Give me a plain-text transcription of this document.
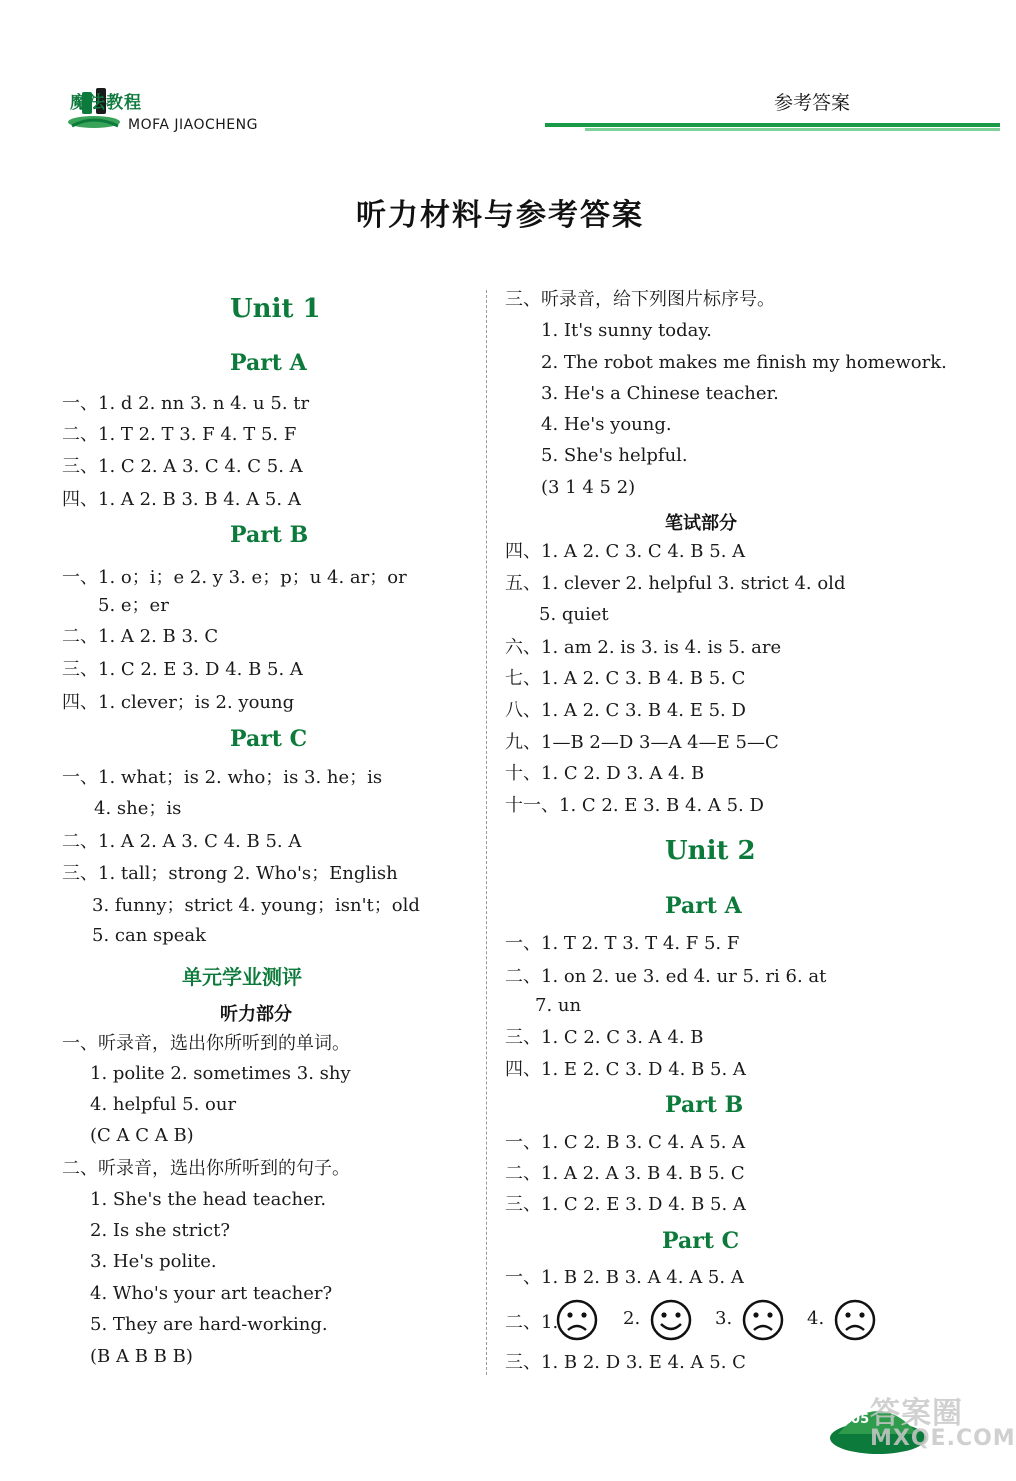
魔法教程
MOFA JIAOCHENG
参考答案
听力材料与参考答案
Unit 1
Part A
一、1. d 2. nn 3. n 4. u 5. tr
二、1. T 2. T 3. F 4. T 5. F
三、1. C 2. A 3. C 4. C 5. A
四、1. A 2. B 3. B 4. A 5. A
Part B
一、1. o；i；e 2. y 3. e；p；u 4. ar；or
5. e；er
二、1. A 2. B 3. C
三、1. C 2. E 3. D 4. B 5. A
四、1. clever；is 2. young
Part C
一、1. what；is 2. who；is 3. he；is
4. she；is
二、1. A 2. A 3. C 4. B 5. A
三、1. tall；strong 2. Who's；English
3. funny；strict 4. young；isn't；old
5. can speak
单元学业测评
听力部分
一、听录音，选出你所听到的单词。
1. polite 2. sometimes 3. shy
4. helpful 5. our
(C A C A B)
二、听录音，选出你所听到的句子。
1. She's the head teacher.
2. Is she strict?
3. He's polite.
4. Who's your art teacher?
5. They are hard-working.
(B A B B B)
三、听录音，给下列图片标序号。
1. It's sunny today.
2. The robot makes me finish my homework.
3. He's a Chinese teacher.
4. He's young.
5. She's helpful.
(3 1 4 5 2)
笔试部分
四、1. A 2. C 3. C 4. B 5. A
五、1. clever 2. helpful 3. strict 4. old
5. quiet
六、1. am 2. is 3. is 4. is 5. are
七、1. A 2. C 3. B 4. B 5. C
八、1. A 2. C 3. B 4. E 5. D
九、1—B 2—D 3—A 4—E 5—C
十、1. C 2. D 3. A 4. B
十一、1. C 2. E 3. B 4. A 5. D
Unit 2
Part A
一、1. T 2. T 3. T 4. F 5. F
二、1. on 2. ue 3. ed 4. ur 5. ri 6. at
7. un
三、1. C 2. C 3. A 4. B
四、1. E 2. C 3. D 4. B 5. A
Part B
一、1. C 2. B 3. C 4. A 5. A
二、1. A 2. A 3. B 4. B 5. C
三、1. C 2. E 3. D 4. B 5. A
Part C
一、1. B 2. B 3. A 4. A 5. A
二、1.	2.	3.	4.
三、1. B 2. D 3. E 4. A 5. C
205 答案圈
MXQE.COM
